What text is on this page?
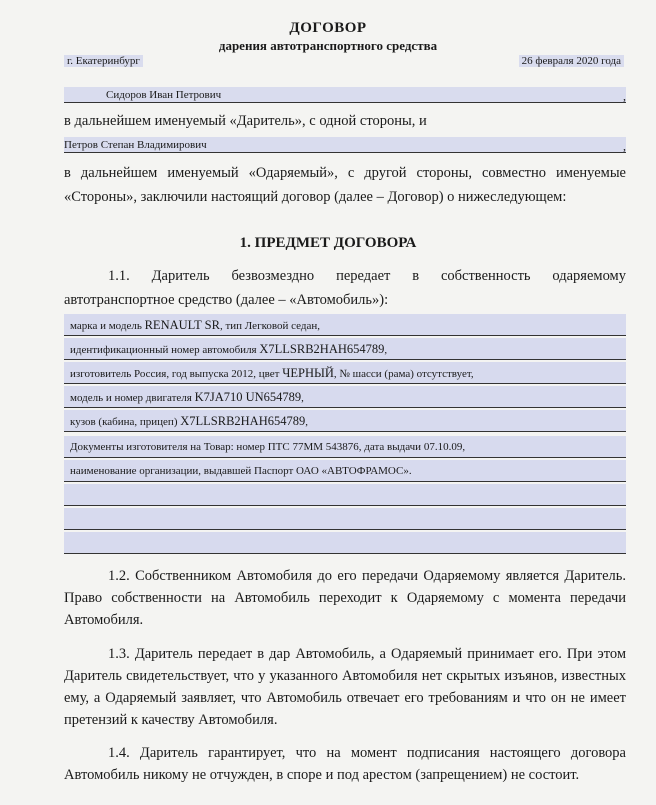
ДОГОВОР
дарения автотранспортного средства
г. Екатеринбург	26 февраля 2020 года
Сидоров Иван Петрович	,
в дальнейшем именуемый «Даритель», с одной стороны, и
Петров Степан Владимирович	,
в дальнейшем именуемый «Одаряемый», с другой стороны, совместно именуемые
«Стороны», заключили настоящий договор (далее – Договор) о нижеследующем:
1. ПРЕДМЕТ ДОГОВОРА
1.1. Даритель безвозмездно передает в собственность одаряемому
автотранспортное средство (далее – «Автомобиль»):
марка и модель RENAULT SR, тип Легковой седан,
идентификационный номер автомобиля X7LLSRB2HAH654789,
изготовитель Россия, год выпуска 2012, цвет ЧЕРНЫЙ, № шасси (рама) отсутствует,
модель и номер двигателя K7JA710 UN654789,
кузов (кабина, прицеп) X7LLSRB2HAH654789,
Документы изготовителя на Товар: номер ПТС 77ММ 543876, дата выдачи 07.10.09,
наименование организации, выдавшей Паспорт ОАО «АВТОФРАМОС».
1.2. Собственником Автомобиля до его передачи Одаряемому является Даритель. Право собственности на Автомобиль переходит к Одаряемому с момента передачи Автомобиля.
1.3. Даритель передает в дар Автомобиль, а Одаряемый принимает его. При этом Даритель свидетельствует, что у указанного Автомобиля нет скрытых изъянов, известных ему, а Одаряемый заявляет, что Автомобиль отвечает его требованиям и что он не имеет претензий к качеству Автомобиля.
1.4. Даритель гарантирует, что на момент подписания настоящего договора Автомобиль никому не отчужден, в споре и под арестом (запрещением) не состоит.
